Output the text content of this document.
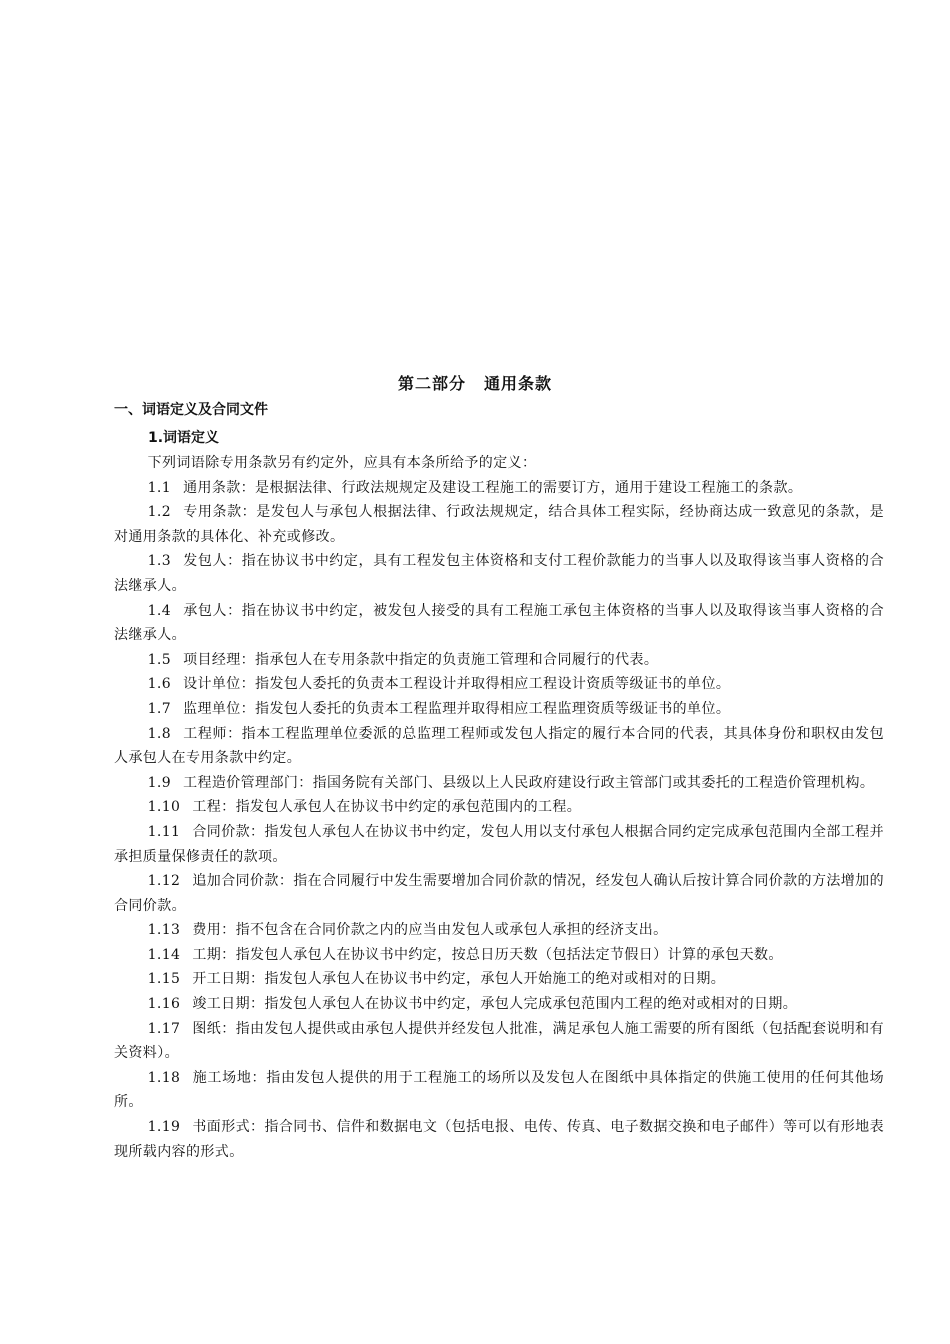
第二部分 通用条款
一、词语定义及合同文件
1.词语定义

下列词语除专用条款另有约定外，应具有本条所给予的定义：

1.1 通用条款：是根据法律、行政法规规定及建设工程施工的需要订方，通用于建设工程施工的条款。

1.2 专用条款：是发包人与承包人根据法律、行政法规规定，结合具体工程实际，经协商达成一致意见的条款，是对通用条款的具体化、补充或修改。

1.3 发包人：指在协议书中约定，具有工程发包主体资格和支付工程价款能力的当事人以及取得该当事人资格的合法继承人。

1.4 承包人：指在协议书中约定，被发包人接受的具有工程施工承包主体资格的当事人以及取得该当事人资格的合法继承人。

1.5 项目经理：指承包人在专用条款中指定的负责施工管理和合同履行的代表。

1.6 设计单位：指发包人委托的负责本工程设计并取得相应工程设计资质等级证书的单位。

1.7 监理单位：指发包人委托的负责本工程监理并取得相应工程监理资质等级证书的单位。

1.8 工程师：指本工程监理单位委派的总监理工程师或发包人指定的履行本合同的代表，其具体身份和职权由发包人承包人在专用条款中约定。

1.9 工程造价管理部门：指国务院有关部门、县级以上人民政府建设行政主管部门或其委托的工程造价管理机构。

1.10 工程：指发包人承包人在协议书中约定的承包范围内的工程。

1.11 合同价款：指发包人承包人在协议书中约定，发包人用以支付承包人根据合同约定完成承包范围内全部工程并承担质量保修责任的款项。

1.12 追加合同价款：指在合同履行中发生需要增加合同价款的情况，经发包人确认后按计算合同价款的方法增加的合同价款。

1.13 费用：指不包含在合同价款之内的应当由发包人或承包人承担的经济支出。

1.14 工期：指发包人承包人在协议书中约定，按总日历天数（包括法定节假日）计算的承包天数。

1.15 开工日期：指发包人承包人在协议书中约定，承包人开始施工的绝对或相对的日期。

1.16 竣工日期：指发包人承包人在协议书中约定，承包人完成承包范围内工程的绝对或相对的日期。

1.17 图纸：指由发包人提供或由承包人提供并经发包人批准，满足承包人施工需要的所有图纸（包括配套说明和有关资料）。

1.18 施工场地：指由发包人提供的用于工程施工的场所以及发包人在图纸中具体指定的供施工使用的任何其他场所。

1.19 书面形式：指合同书、信件和数据电文（包括电报、电传、传真、电子数据交换和电子邮件）等可以有形地表现所载内容的形式。
